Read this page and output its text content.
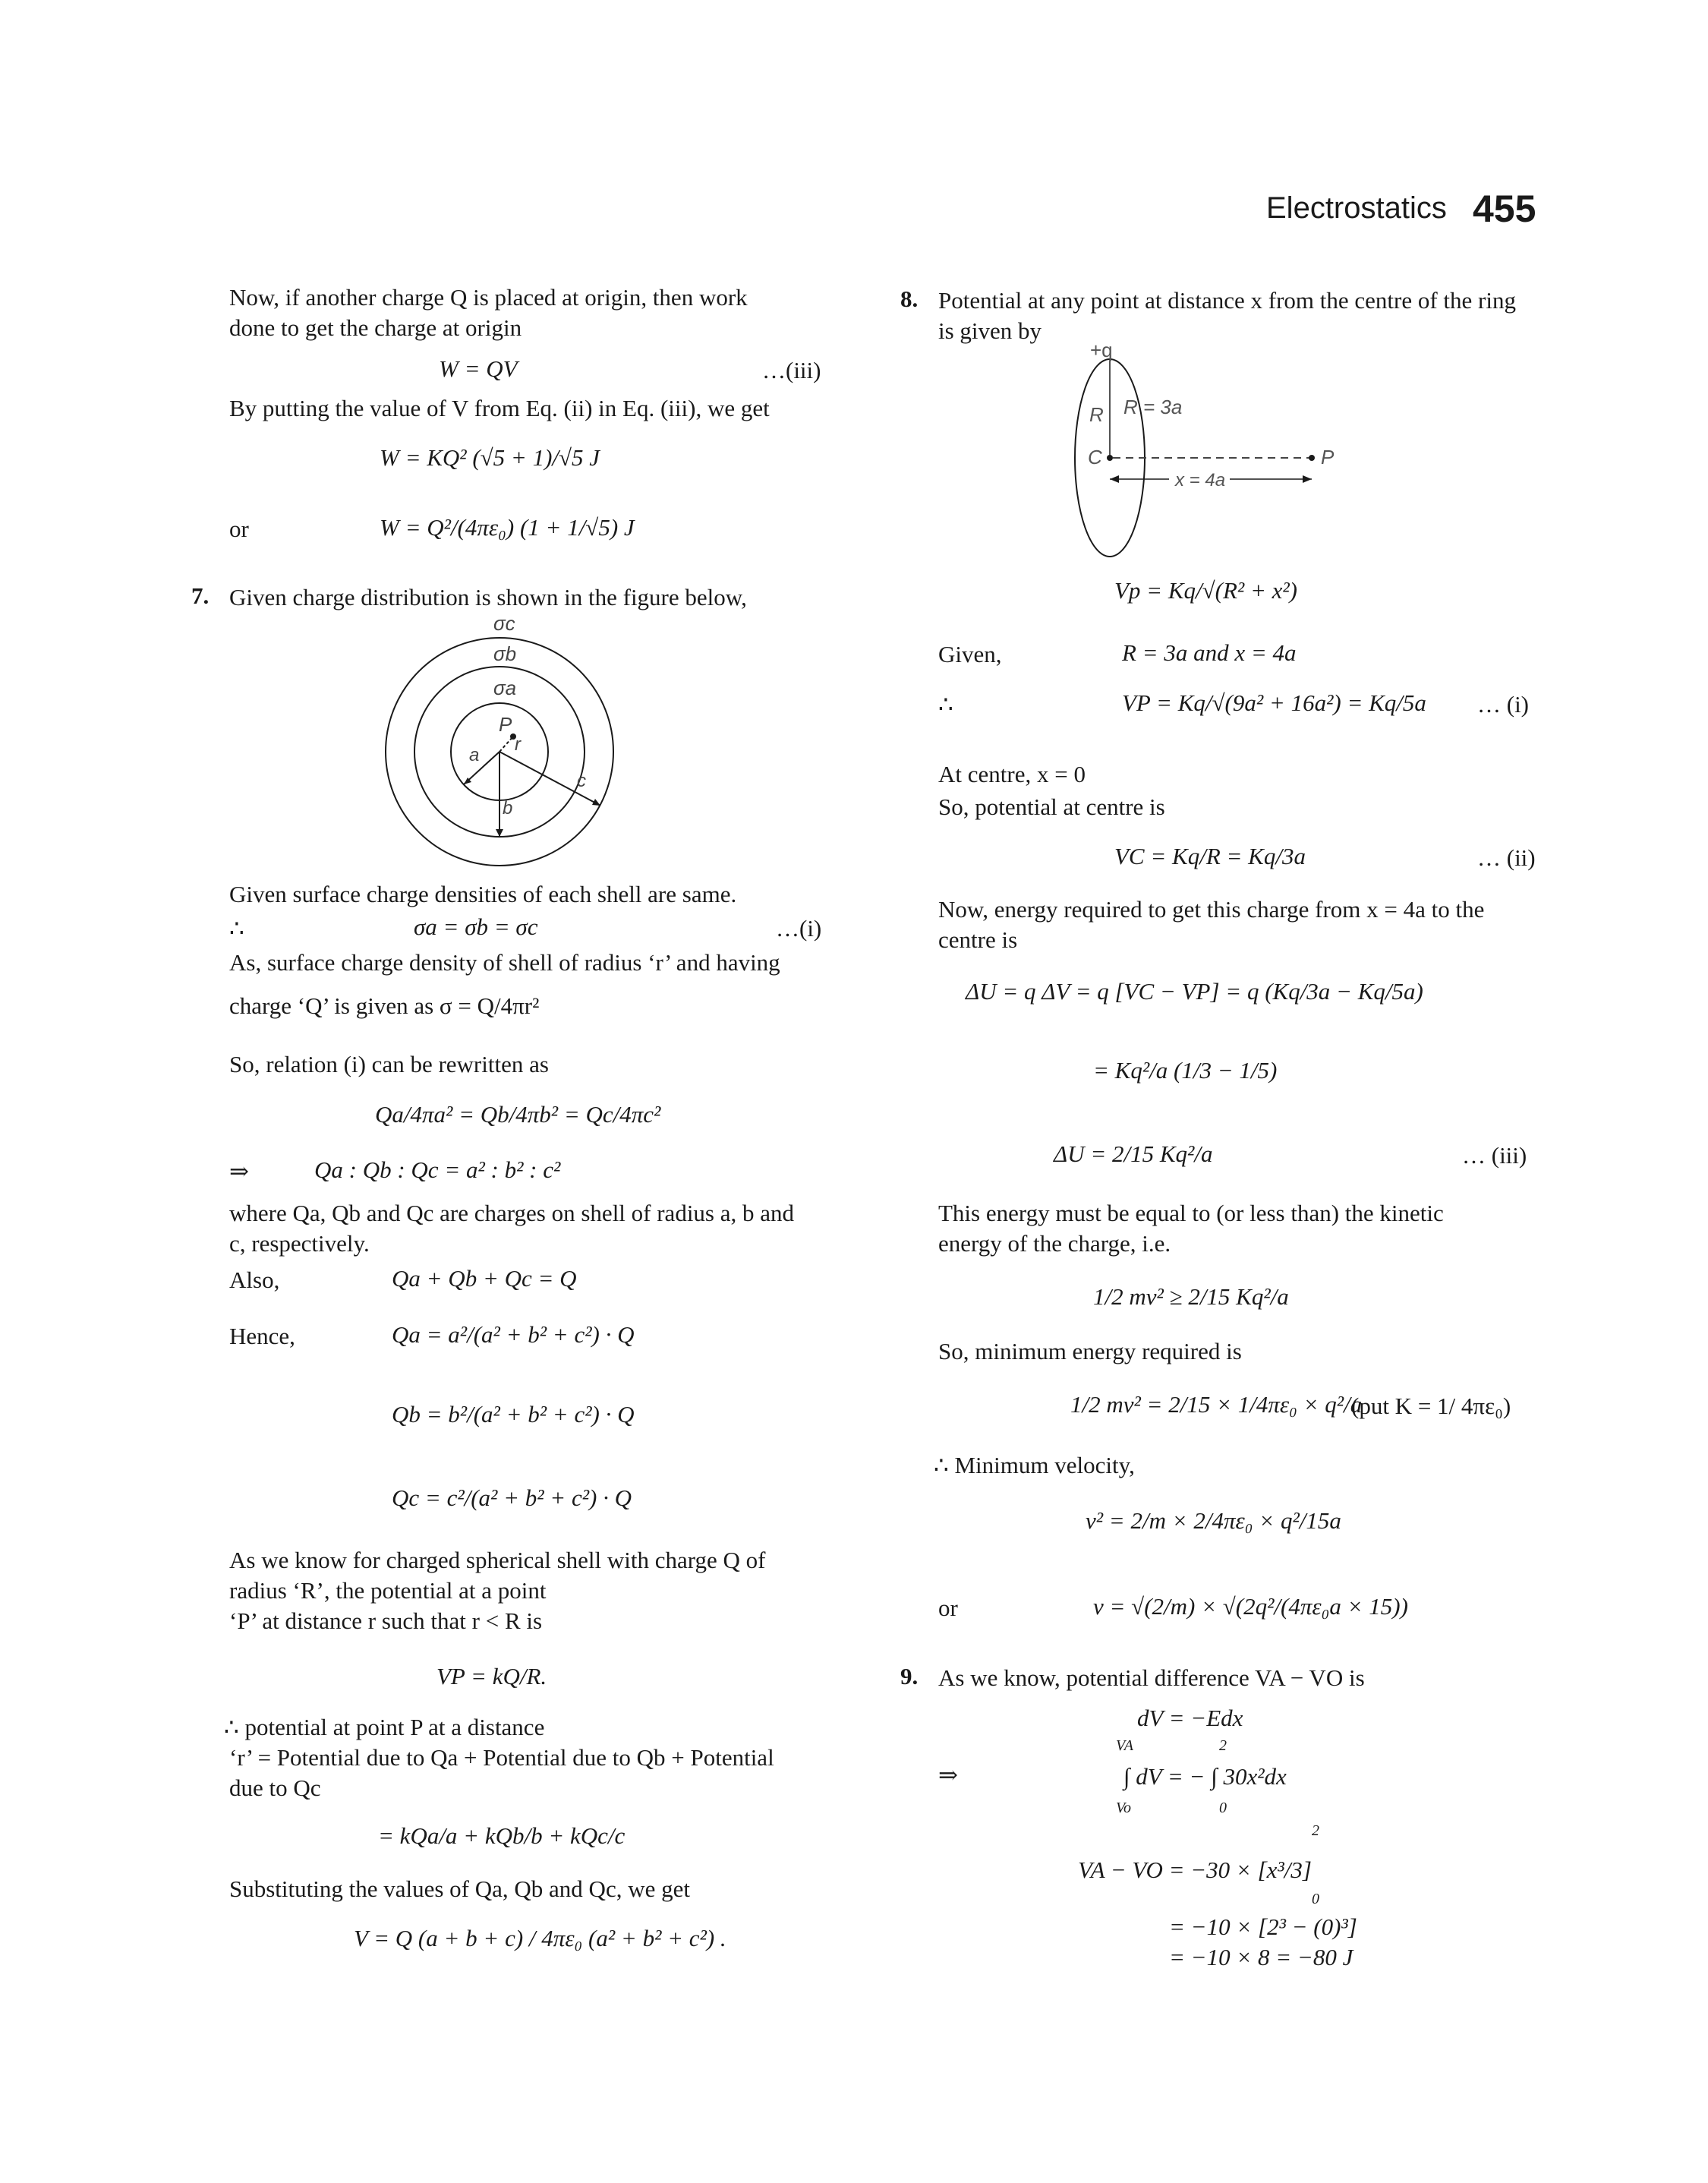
Electrostatics 455
Now, if another charge Q is placed at origin, then work
done to get the charge at origin
W = QV	…(iii)
By putting the value of V from Eq. (ii) in Eq. (iii), we get
W = KQ² (√5 + 1)/√5 J
or	W = Q²/(4πε₀) (1 + 1/√5) J
7. Given charge distribution is shown in the figure below,
σc
σb
σa
P
r
a
b
c
Given surface charge densities of each shell are same.
∴	σa = σb = σc	…(i)
As, surface charge density of shell of radius ‘r’ and having
charge ‘Q’ is given as σ = Q/4πr²
So, relation (i) can be rewritten as
Qa/4πa² = Qb/4πb² = Qc/4πc²
⇒	Qa : Qb : Qc = a² : b² : c²
where Qa, Qb and Qc are charges on shell of radius a, b and
c, respectively.
Also,	Qa + Qb + Qc = Q
Hence,	Qa = a²/(a² + b² + c²) · Q
Qb = b²/(a² + b² + c²) · Q
Qc = c²/(a² + b² + c²) · Q
As we know for charged spherical shell with charge Q of
radius ‘R’, the potential at a point
‘P’ at distance r such that r < R is
VP = kQ/R.
∴ potential at point P at a distance
‘r’ = Potential due to Qa + Potential due to Qb + Potential
due to Qc
= kQa/a + kQb/b + kQc/c
Substituting the values of Qa, Qb and Qc, we get
V = Q (a + b + c) / 4πε₀ (a² + b² + c²) .
8. Potential at any point at distance x from the centre of the ring
is given by
+q
R R = 3a
C	P
x = 4a
Vp = Kq/√(R² + x²)
Given,	R = 3a and x = 4a
∴	VP = Kq/√(9a² + 16a²) = Kq/5a … (i)
At centre, x = 0
So, potential at centre is
VC = Kq/R = Kq/3a	… (ii)
Now, energy required to get this charge from x = 4a to the
centre is
ΔU = q ΔV = q [VC − VP] = q (Kq/3a − Kq/5a)
= Kq²/a (1/3 − 1/5)
ΔU = 2/15 Kq²/a	… (iii)
This energy must be equal to (or less than) the kinetic
energy of the charge, i.e.
1/2 mv² ≥ 2/15 Kq²/a
So, minimum energy required is
1/2 mv² = 2/15 × 1/4πε₀ × q²/a
(put K = 1/ 4πε₀)
∴ Minimum velocity,
v² = 2/m × 2/4πε₀ × q²/15a
or	v = √(2/m) × √(2q²/(4πε₀a × 15))
9. As we know, potential difference VA − VO is
dV = −Edx
⇒
VA
Vo
2
0
∫ dV = − ∫ 30x²dx
VA − VO = −30 × [x³/3]
2
0
= −10 × [2³ − (0)³]
= −10 × 8 = −80 J
